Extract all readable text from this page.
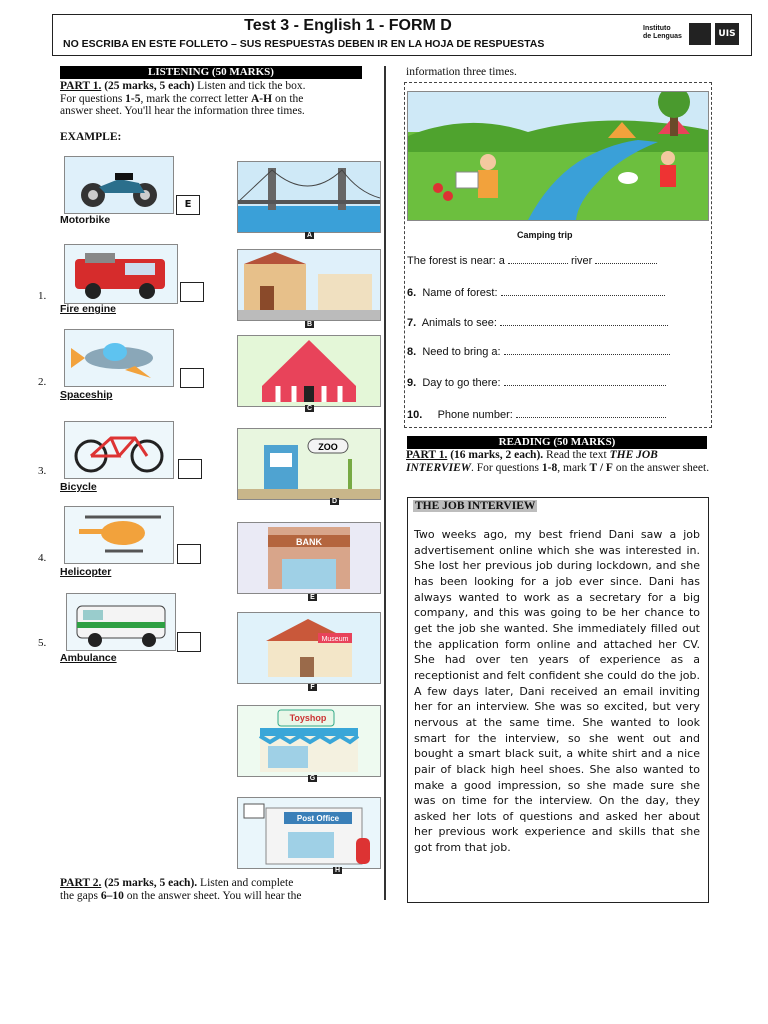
Test 3 - English 1 - FORM D
NO ESCRIBA EN ESTE FOLLETO – SUS RESPUESTAS DEBEN IR EN LA HOJA DE RESPUESTAS
Instituto
de Lenguas	UIS
LISTENING (50 MARKS)
PART 1. (25 marks, 5 each) Listen and tick the box.
For questions 1-5, mark the correct letter A-H on the
answer sheet. You'll hear the information three times.
EXAMPLE:
E
Motorbike
1.
Fire engine
2.
Spaceship
3.
Bicycle
4.
Helicopter
5.
Ambulance
A
B
C
ZOO
D
BANK
E
Museum
F
Toyshop
G
Post Office
H
PART 2. (25 marks, 5 each). Listen and complete
the gaps 6–10 on the answer sheet. You will hear the
information three times.
Camping trip
The forest is near: a	river
6. Name of forest:
7. Animals to see:
8. Need to bring a:
9. Day to go there:
10. Phone number:
READING (50 MARKS)
PART 1. (16 marks, 2 each). Read the text THE JOB INTERVIEW. For questions 1-8, mark T / F on the answer sheet.
THE JOB INTERVIEW
Two weeks ago, my best friend Dani saw a job advertisement online which she was interested in. She lost her previous job during lockdown, and she has been looking for a job ever since. Dani has always wanted to work as a secretary for a big company, and this was going to be her chance to get the job she wanted. She immediately filled out the application form online and attached her CV. She had over ten years of experience as a receptionist and felt confident she could do the job. A few days later, Dani received an email inviting her for an interview. She was so excited, but very nervous at the same time. She wanted to look smart for the interview, so she went out and bought a smart black suit, a white shirt and a nice pair of black high heel shoes. She also wanted to make a good impression, so she made sure she was on time for the interview. On the day, they asked her lots of questions and asked her about her previous work experience and skills that she got from that job.
